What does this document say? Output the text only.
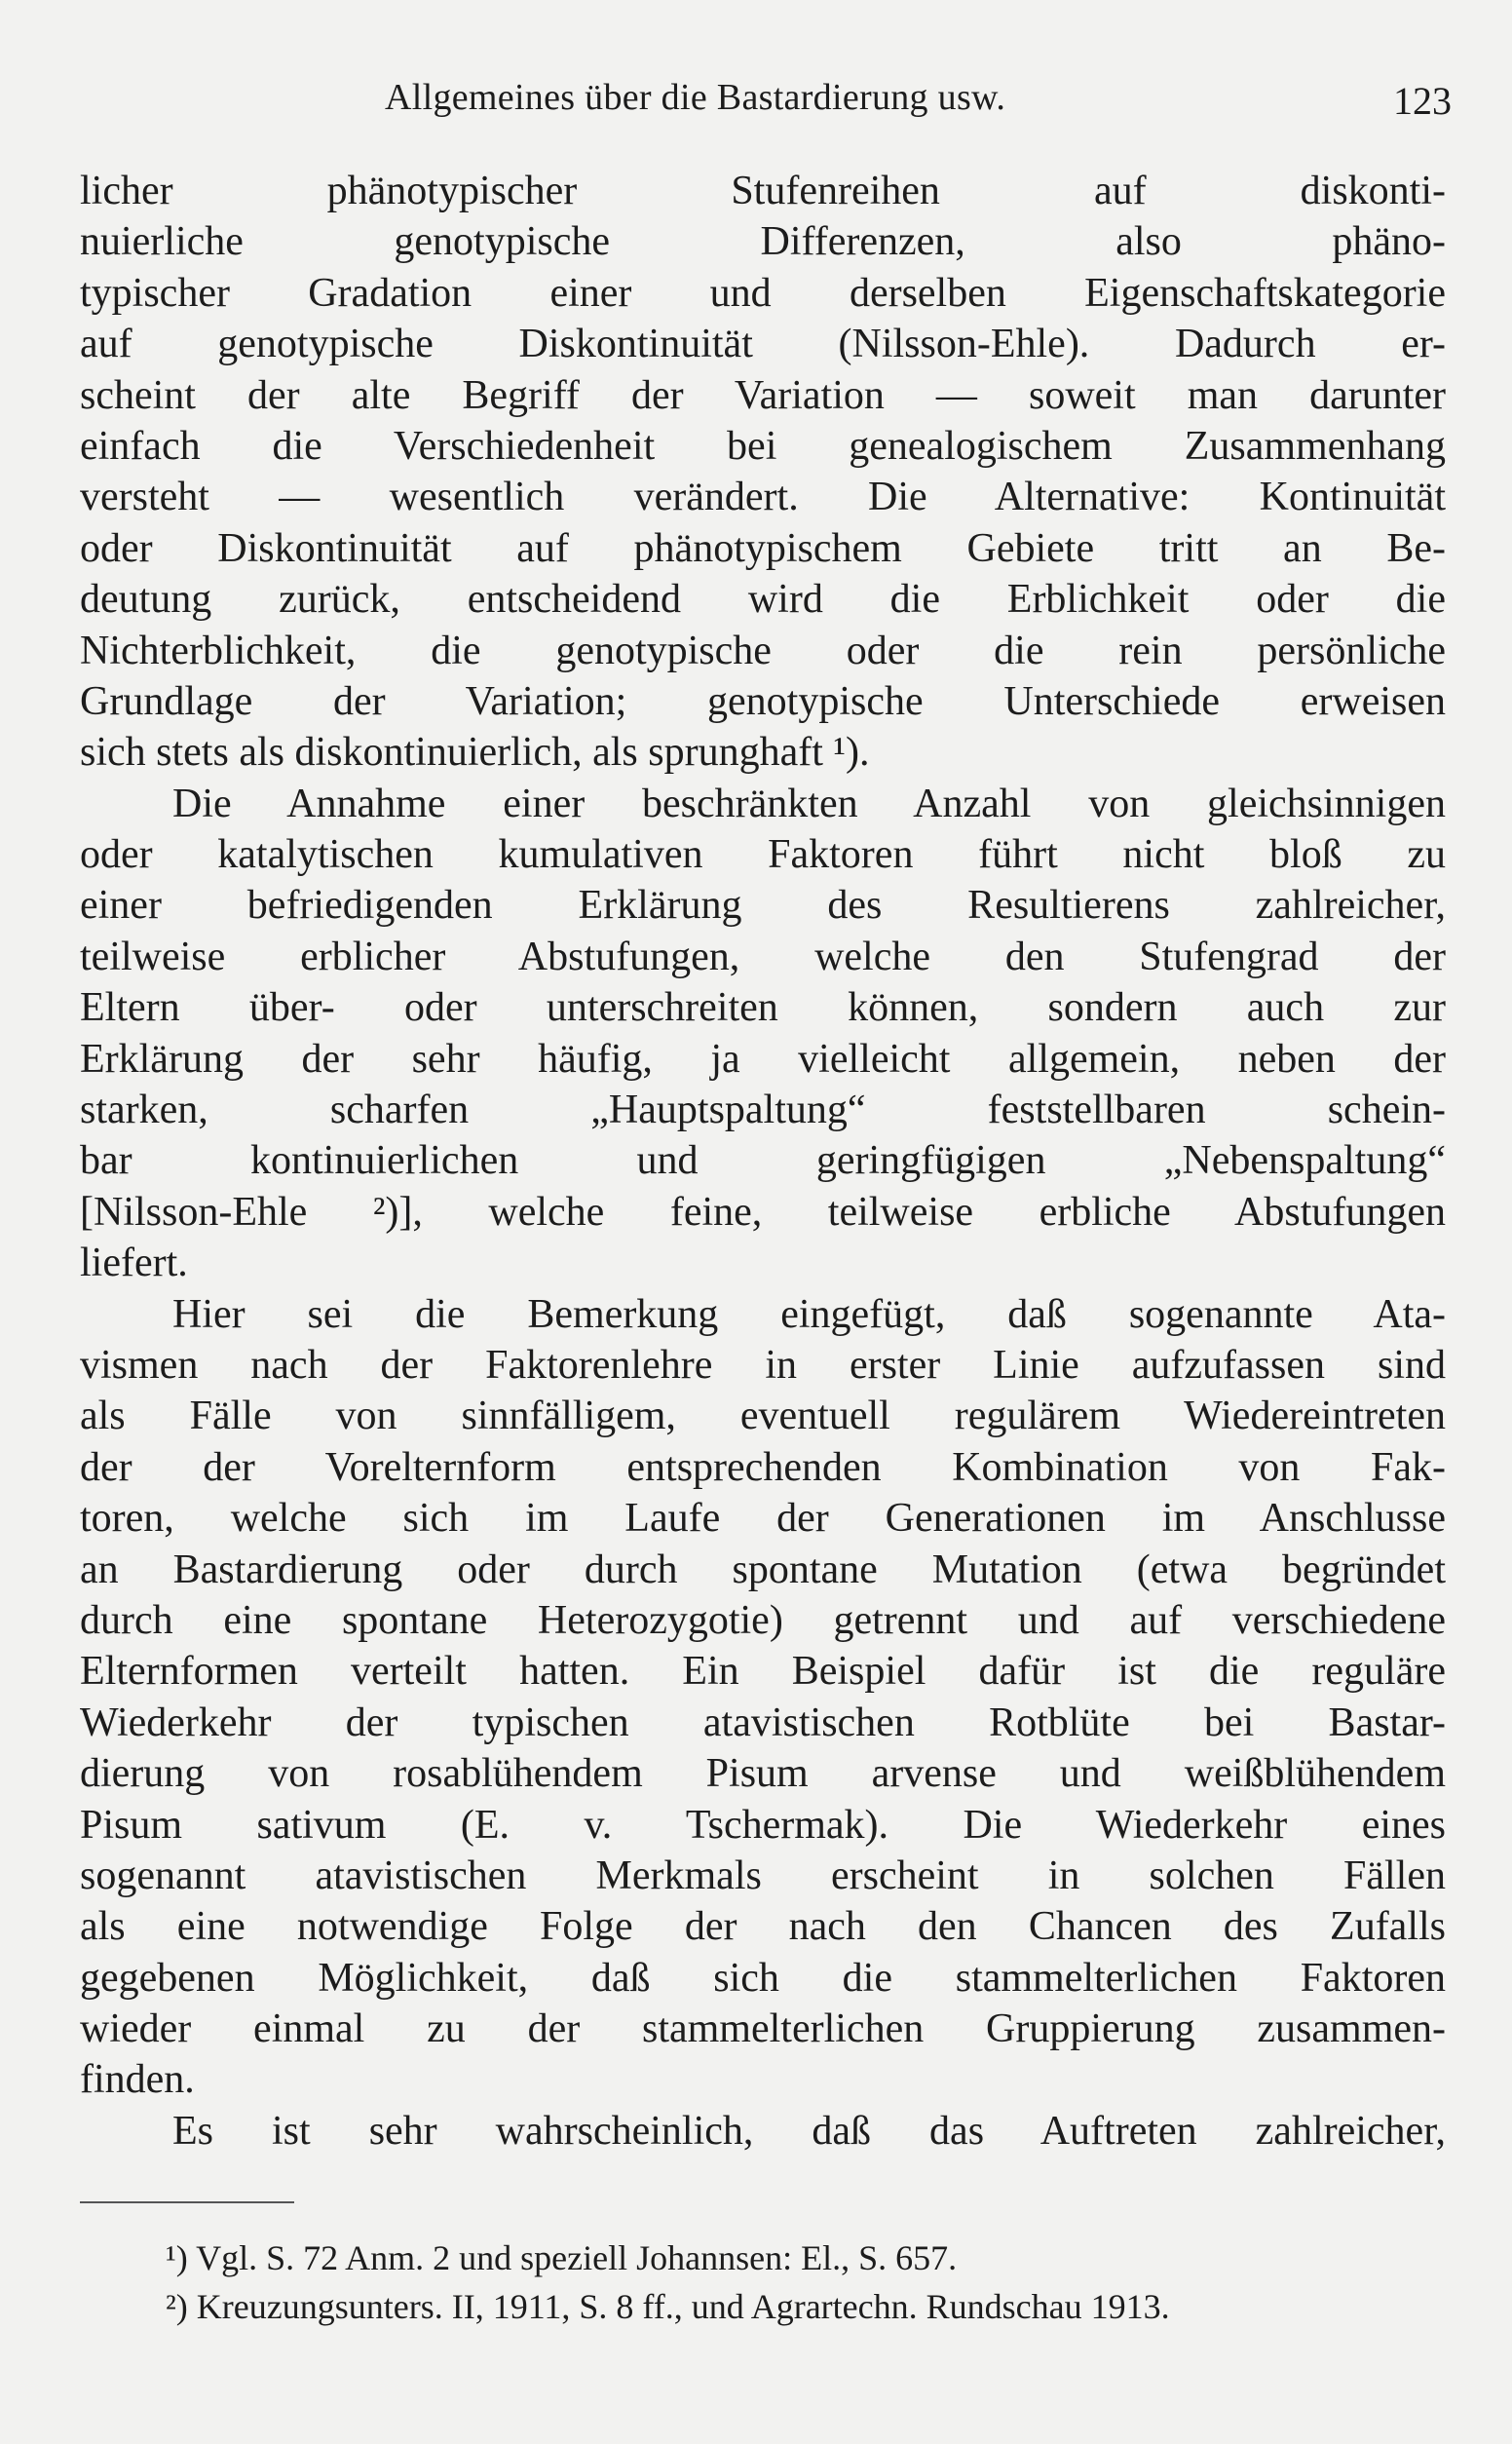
Allgemeines über die Bastardierung usw.	123
licher phänotypischer Stufenreihen auf diskonti-
nuierliche genotypische Differenzen, also phäno-
typischer Gradation einer und derselben Eigenschaftskategorie
auf genotypische Diskontinuität (Nilsson-Ehle). Dadurch er-
scheint der alte Begriff der Variation — soweit man darunter
einfach die Verschiedenheit bei genealogischem Zusammenhang
versteht — wesentlich verändert. Die Alternative: Kontinuität
oder Diskontinuität auf phänotypischem Gebiete tritt an Be-
deutung zurück, entscheidend wird die Erblichkeit oder die
Nichterblichkeit, die genotypische oder die rein persönliche
Grundlage der Variation; genotypische Unterschiede erweisen
sich stets als diskontinuierlich, als sprunghaft ¹).
Die Annahme einer beschränkten Anzahl von gleichsinnigen
oder katalytischen kumulativen Faktoren führt nicht bloß zu
einer befriedigenden Erklärung des Resultierens zahlreicher,
teilweise erblicher Abstufungen, welche den Stufengrad der
Eltern über- oder unterschreiten können, sondern auch zur
Erklärung der sehr häufig, ja vielleicht allgemein, neben der
starken, scharfen „Hauptspaltung“ feststellbaren schein-
bar kontinuierlichen und geringfügigen „Nebenspaltung“
[Nilsson-Ehle ²)], welche feine, teilweise erbliche Abstufungen
liefert.
Hier sei die Bemerkung eingefügt, daß sogenannte Ata-
vismen nach der Faktorenlehre in erster Linie aufzufassen sind
als Fälle von sinnfälligem, eventuell regulärem Wiedereintreten
der der Vorelternform entsprechenden Kombination von Fak-
toren, welche sich im Laufe der Generationen im Anschlusse
an Bastardierung oder durch spontane Mutation (etwa begründet
durch eine spontane Heterozygotie) getrennt und auf verschiedene
Elternformen verteilt hatten. Ein Beispiel dafür ist die reguläre
Wiederkehr der typischen atavistischen Rotblüte bei Bastar-
dierung von rosablühendem Pisum arvense und weißblühendem
Pisum sativum (E. v. Tschermak). Die Wiederkehr eines
sogenannt atavistischen Merkmals erscheint in solchen Fällen
als eine notwendige Folge der nach den Chancen des Zufalls
gegebenen Möglichkeit, daß sich die stammelterlichen Faktoren
wieder einmal zu der stammelterlichen Gruppierung zusammen-
finden.
Es ist sehr wahrscheinlich, daß das Auftreten zahlreicher,
¹) Vgl. S. 72 Anm. 2 und speziell Johannsen: El., S. 657.
²) Kreuzungsunters. II, 1911, S. 8 ff., und Agrartechn. Rundschau 1913.
